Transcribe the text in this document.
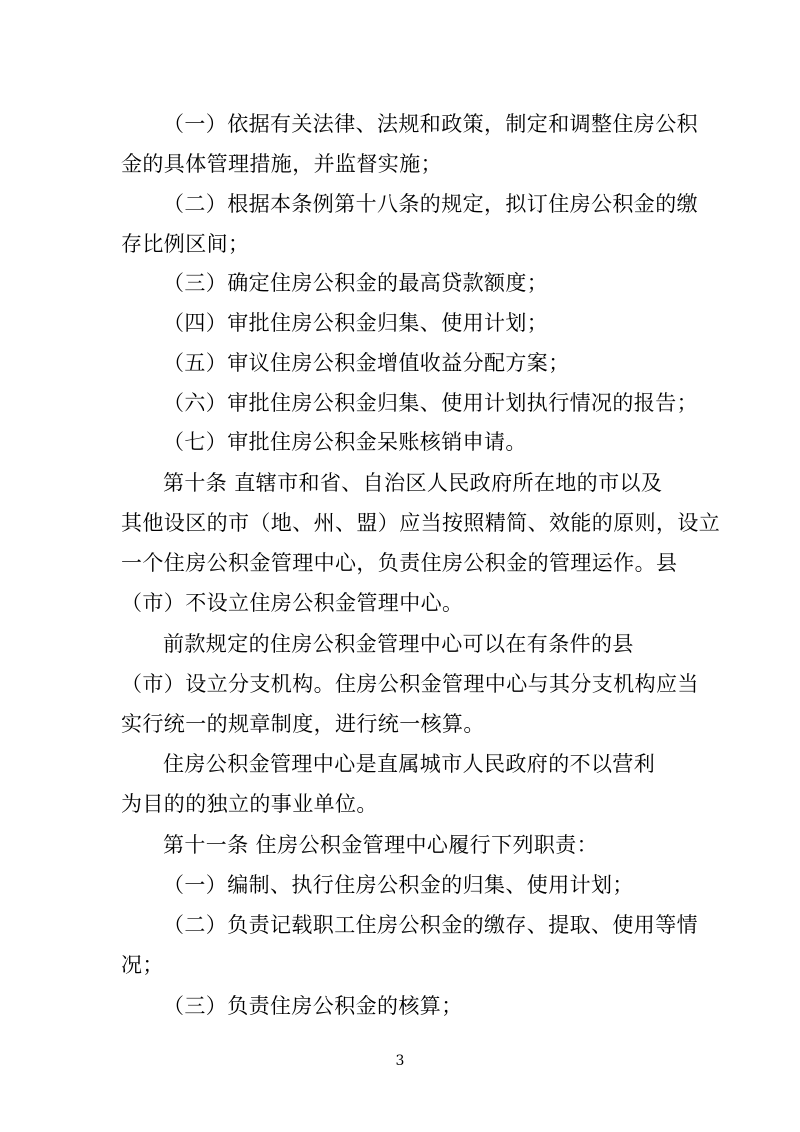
（一）依据有关法律、法规和政策，制定和调整住房公积
金的具体管理措施，并监督实施；
（二）根据本条例第十八条的规定，拟订住房公积金的缴
存比例区间；
（三）确定住房公积金的最高贷款额度；
（四）审批住房公积金归集、使用计划；
（五）审议住房公积金增值收益分配方案；
（六）审批住房公积金归集、使用计划执行情况的报告；
（七）审批住房公积金呆账核销申请。
第十条 直辖市和省、自治区人民政府所在地的市以及
其他设区的市（地、州、盟）应当按照精简、效能的原则，设立
一个住房公积金管理中心，负责住房公积金的管理运作。县
（市）不设立住房公积金管理中心。
前款规定的住房公积金管理中心可以在有条件的县
（市）设立分支机构。住房公积金管理中心与其分支机构应当
实行统一的规章制度，进行统一核算。
住房公积金管理中心是直属城市人民政府的不以营利
为目的的独立的事业单位。
第十一条 住房公积金管理中心履行下列职责：
（一）编制、执行住房公积金的归集、使用计划；
（二）负责记载职工住房公积金的缴存、提取、使用等情
况；
（三）负责住房公积金的核算；
3
